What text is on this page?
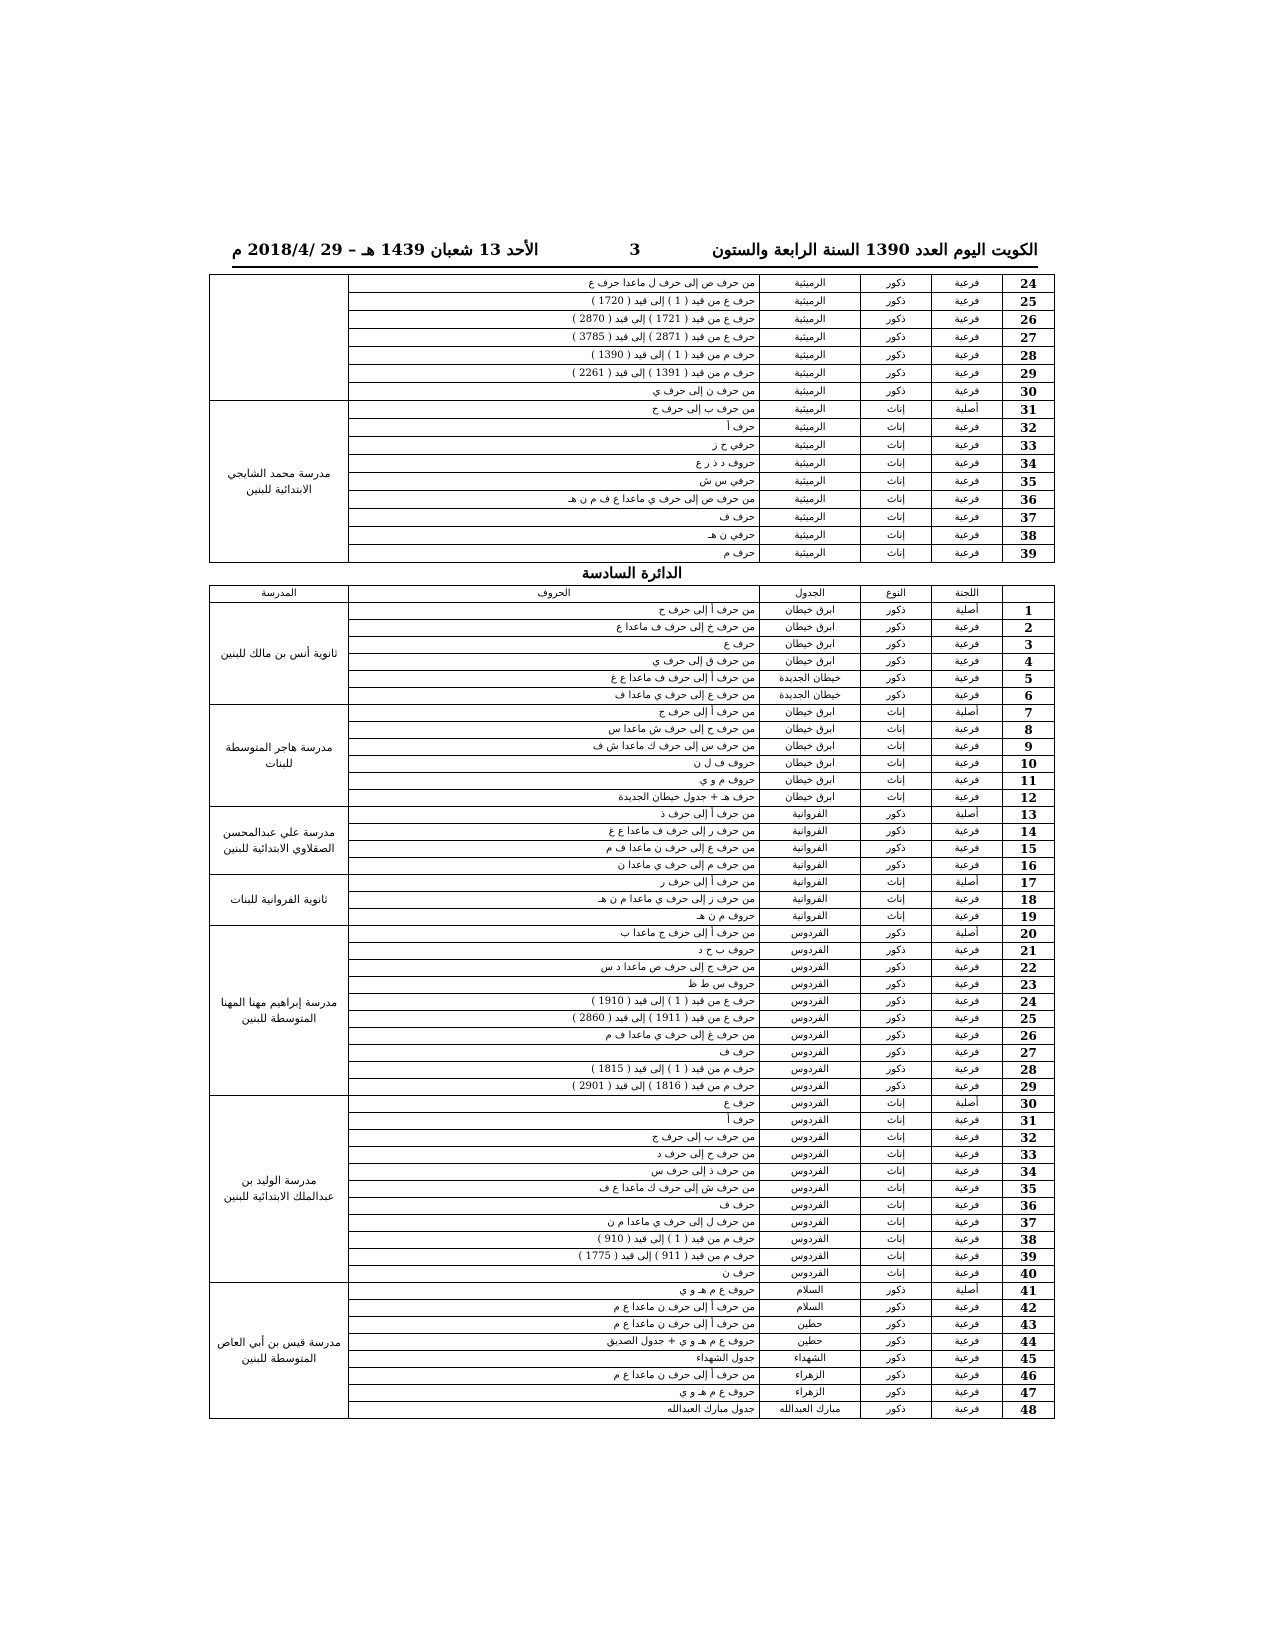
الكويت اليوم العدد 1390 السنة الرابعة والستون
3
الأحد 13 شعبان 1439 هـ – 29 /2018/4 م
24	فرعية	ذكور	الرميثية	من حرف ص إلى حرف ل ماعدا حرف ع	
25	فرعية	ذكور	الرميثية	حرف ع من قيد ( 1 ) إلى قيد ( 1720 )	
26	فرعية	ذكور	الرميثية	حرف ع من قيد ( 1721 ) إلى قيد ( 2870 )	
27	فرعية	ذكور	الرميثية	حرف ع من قيد ( 2871 ) إلى قيد ( 3785 )	
28	فرعية	ذكور	الرميثية	حرف م من قيد ( 1 ) إلى قيد ( 1390 )	
29	فرعية	ذكور	الرميثية	حرف م من قيد ( 1391 ) إلى قيد ( 2261 )	
30	فرعية	ذكور	الرميثية	من حرف ن إلى حرف ي	
31	أصلية	إناث	الرميثية	من حرف ب إلى حرف ح	مدرسة محمد الشايجي
الابتدائية للبنين

32	فرعية	إناث	الرميثية	حرف أ	
33	فرعية	إناث	الرميثية	حرفي ح ز	
34	فرعية	إناث	الرميثية	حروف د ذ ر ع	
35	فرعية	إناث	الرميثية	حرفي س ش	
36	فرعية	إناث	الرميثية	من حرف ص إلى حرف ي ماعدا ع ف م ن هـ	
37	فرعية	إناث	الرميثية	حرف ف	
38	فرعية	إناث	الرميثية	حرفي ن هـ	
39	فرعية	إناث	الرميثية	حرف م	
الدائرة السادسة
	اللجنة	النوع	الجدول	الحروف	المدرسة
1	أصلية	ذكور	ابرق خيطان	من حرف أ إلى حرف ح	ثانوية أنس بن مالك للبنين

2	فرعية	ذكور	ابرق خيطان	من حرف خ إلى حرف ف ماعدا ع	
3	فرعية	ذكور	ابرق خيطان	حرف ع	
4	فرعية	ذكور	ابرق خيطان	من حرف ق إلى حرف ي	
5	فرعية	ذكور	خيطان الجديدة	من حرف أ إلى حرف ف ماعدا ع غ	
6	فرعية	ذكور	خيطان الجديدة	من حرف ع إلى حرف ي ماعدا ف	
7	أصلية	إناث	ابرق خيطان	من حرف أ إلى حرف ج	مدرسة هاجر المتوسطة
للبنات

8	فرعية	إناث	ابرق خيطان	من حرف ح إلى حرف ش ماعدا س	
9	فرعية	إناث	ابرق خيطان	من حرف س إلى حرف ك ماعدا ش ف	
10	فرعية	إناث	ابرق خيطان	حروف ف ل ن	
11	فرعية	إناث	ابرق خيطان	حروف م و ي	
12	فرعية	إناث	ابرق خيطان	حرف هـ + جدول خيطان الجديدة	
13	أصلية	ذكور	الفروانية	من حرف أ إلى حرف ذ	مدرسة علي عبدالمحسن
الصقلاوي الابتدائية للبنين

14	فرعية	ذكور	الفروانية	من حرف ر إلى حرف ف ماعدا ع غ	
15	فرعية	ذكور	الفروانية	من حرف ع إلى حرف ن ماعدا ف م	
16	فرعية	ذكور	الفروانية	من حرف م إلى حرف ي ماعدا ن	
17	أصلية	إناث	الفروانية	من حرف أ إلى حرف ر	ثانوية الفروانية للبنات

18	فرعية	إناث	الفروانية	من حرف ز إلى حرف ي ماعدا م ن هـ	
19	فرعية	إناث	الفروانية	حروف م ن هـ	
20	أصلية	ذكور	الفردوس	من حرف أ إلى حرف ج ماعدا ب	مدرسة إبراهيم مهنا المهنا
المتوسطة للبنين

21	فرعية	ذكور	الفردوس	حروف ب ح د	
22	فرعية	ذكور	الفردوس	من حرف ج إلى حرف ص ماعدا د س	
23	فرعية	ذكور	الفردوس	حروف س ط ظ	
24	فرعية	ذكور	الفردوس	حرف ع من قيد ( 1 ) إلى قيد ( 1910 )	
25	فرعية	ذكور	الفردوس	حرف ع من قيد ( 1911 ) إلى قيد ( 2860 )	
26	فرعية	ذكور	الفردوس	من حرف غ إلى حرف ي ماعدا ف م	
27	فرعية	ذكور	الفردوس	حرف ف	
28	فرعية	ذكور	الفردوس	حرف م من قيد ( 1 ) إلى قيد ( 1815 )	
29	فرعية	ذكور	الفردوس	حرف م من قيد ( 1816 ) إلى قيد ( 2901 )	
30	أصلية	إناث	الفردوس	حرف ع	مدرسة الوليد بن
عبدالملك الابتدائية للبنين

31	فرعية	إناث	الفردوس	حرف أ	
32	فرعية	إناث	الفردوس	من حرف ب إلى حرف ج	
33	فرعية	إناث	الفردوس	من حرف ح إلى حرف د	
34	فرعية	إناث	الفردوس	من حرف ذ إلى حرف س	
35	فرعية	إناث	الفردوس	من حرف ش إلى حرف ك ماعدا ع ف	
36	فرعية	إناث	الفردوس	حرف ف	
37	فرعية	إناث	الفردوس	من حرف ل إلى حرف ي ماعدا م ن	
38	فرعية	إناث	الفردوس	حرف م من قيد ( 1 ) إلى قيد ( 910 )	
39	فرعية	إناث	الفردوس	حرف م من قيد ( 911 ) إلى قيد ( 1775 )	
40	فرعية	إناث	الفردوس	حرف ن	
41	أصلية	ذكور	السلام	حروف ع م هـ و ي	مدرسة قيس بن أبي العاص
المتوسطة للبنين

42	فرعية	ذكور	السلام	من حرف أ إلى حرف ن ماعدا ع م	
43	فرعية	ذكور	حطين	من حرف أ إلى حرف ن ماعدا ع م	
44	فرعية	ذكور	حطين	حروف ع م هـ و ي + جدول الصديق	
45	فرعية	ذكور	الشهداء	جدول الشهداء	
46	فرعية	ذكور	الزهراء	من حرف أ إلى حرف ن ماعدا ع م	
47	فرعية	ذكور	الزهراء	حروف ع م هـ و ي	
48	فرعية	ذكور	مبارك العبدالله	جدول مبارك العبدالله	
